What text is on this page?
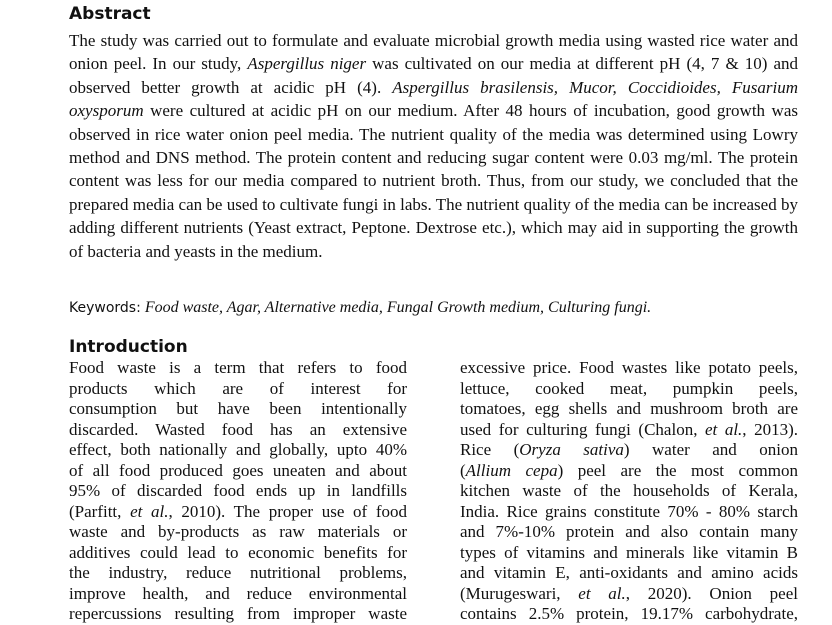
Abstract

The study was carried out to formulate and evaluate microbial growth media using wasted rice water and onion peel. In our study, Aspergillus niger was cultivated on our media at different pH (4, 7 & 10) and observed better growth at acidic pH (4). Aspergillus brasilensis, Mucor, Coccidioides, Fusarium oxysporum were cultured at acidic pH on our medium. After 48 hours of incubation, good growth was observed in rice water onion peel media. The nutrient quality of the media was determined using Lowry method and DNS method. The protein content and reducing sugar content were 0.03 mg/ml. The protein content was less for our media compared to nutrient broth. Thus, from our study, we concluded that the prepared media can be used to cultivate fungi in labs. The nutrient quality of the media can be increased by adding different nutrients (Yeast extract, Peptone. Dextrose etc.), which may aid in supporting the growth of bacteria and yeasts in the medium.

Keywords: Food waste, Agar, Alternative media, Fungal Growth medium, Culturing fungi.

Introduction
Food waste is a term that refers to food
products which are of interest for
consumption but have been intentionally
discarded. Wasted food has an extensive
effect, both nationally and globally, upto 40%
of all food produced goes uneaten and about
95% of discarded food ends up in landfills
(Parfitt, et al., 2010). The proper use of food
waste and by-products as raw materials or
additives could lead to economic benefits for
the industry, reduce nutritional problems,
improve health, and reduce environmental
repercussions resulting from improper waste
excessive price. Food wastes like potato peels,
lettuce, cooked meat, pumpkin peels,
tomatoes, egg shells and mushroom broth are
used for culturing fungi (Chalon, et al., 2013).
Rice (Oryza sativa) water and onion
(Allium cepa) peel are the most common
kitchen waste of the households of Kerala,
India. Rice grains constitute 70% - 80% starch
and 7%-10% protein and also contain many
types of vitamins and minerals like vitamin B
and vitamin E, anti-oxidants and amino acids
(Murugeswari, et al., 2020). Onion peel
contains 2.5% protein, 19.17% carbohydrate,
